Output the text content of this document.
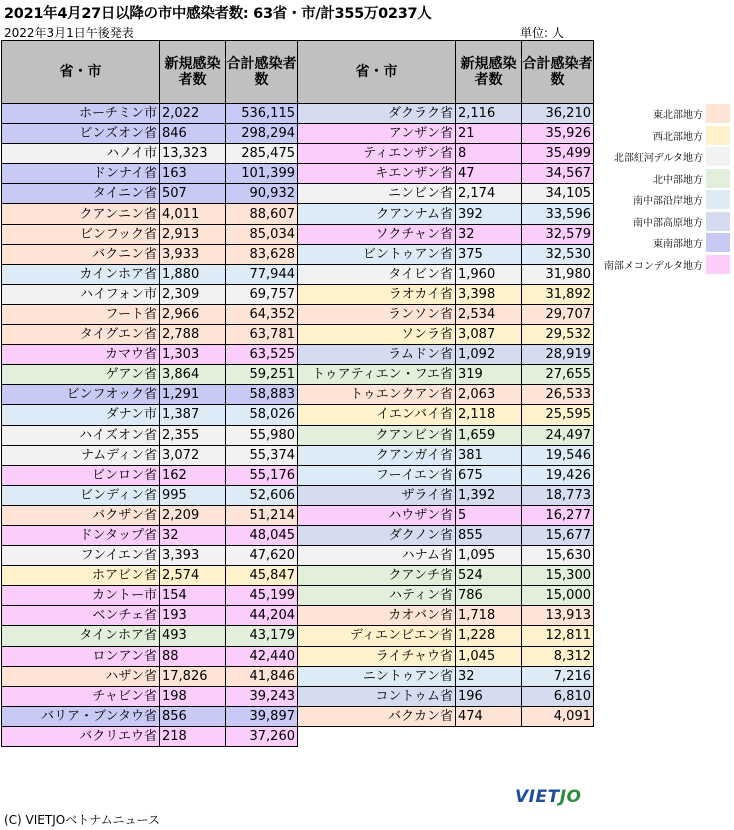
2021年4月27日以降の市中感染者数: 63省・市/計355万0237人
2022年3月1日午後発表	単位: 人
省・市	新規感染者数	合計感染者数
ホーチミン市	2,022	536,115
ビンズオン省	846	298,294
ハノイ市	13,323	285,475
ドンナイ省	163	101,399
タイニン省	507	90,932
クアンニン省	4,011	88,607
ビンフック省	2,913	85,034
バクニン省	3,933	83,628
カインホア省	1,880	77,944
ハイフォン市	2,309	69,757
フート省	2,966	64,352
タイグエン省	2,788	63,781
カマウ省	1,303	63,525
ゲアン省	3,864	59,251
ビンフオック省	1,291	58,883
ダナン市	1,387	58,026
ハイズオン省	2,355	55,980
ナムディン省	3,072	55,374
ビンロン省	162	55,176
ビンディン省	995	52,606
バクザン省	2,209	51,214
ドンタップ省	32	48,045
フンイエン省	3,393	47,620
ホアビン省	2,574	45,847
カントー市	154	45,199
ベンチェ省	193	44,204
タインホア省	493	43,179
ロンアン省	88	42,440
ハザン省	17,826	41,846
チャビン省	198	39,243
バリア・ブンタウ省	856	39,897
バクリエウ省	218	37,260
省・市	新規感染者数	合計感染者数
ダクラク省	2,116	36,210
アンザン省	21	35,926
ティエンザン省	8	35,499
キエンザン省	47	34,567
ニンビン省	2,174	34,105
クアンナム省	392	33,596
ソクチャン省	32	32,579
ビントゥアン省	375	32,530
タイビン省	1,960	31,980
ラオカイ省	3,398	31,892
ランソン省	2,534	29,707
ソンラ省	3,087	29,532
ラムドン省	1,092	28,919
トゥアティエン・フエ省	319	27,655
トゥエンクアン省	2,063	26,533
イエンバイ省	2,118	25,595
クアンビン省	1,659	24,497
クアンガイ省	381	19,546
フーイエン省	675	19,426
ザライ省	1,392	18,773
ハウザン省	5	16,277
ダクノン省	855	15,677
ハナム省	1,095	15,630
クアンチ省	524	15,300
ハティン省	786	15,000
カオバン省	1,718	13,913
ディエンビエン省	1,228	12,811
ライチャウ省	1,045	8,312
ニントゥアン省	32	7,216
コントゥム省	196	6,810
バクカン省	474	4,091
東北部地方
西北部地方
北部紅河デルタ地方
北中部地方
南中部沿岸地方
南中部高原地方
東南部地方
南部メコンデルタ地方
VIETJO
(C) VIETJOベトナムニュース
